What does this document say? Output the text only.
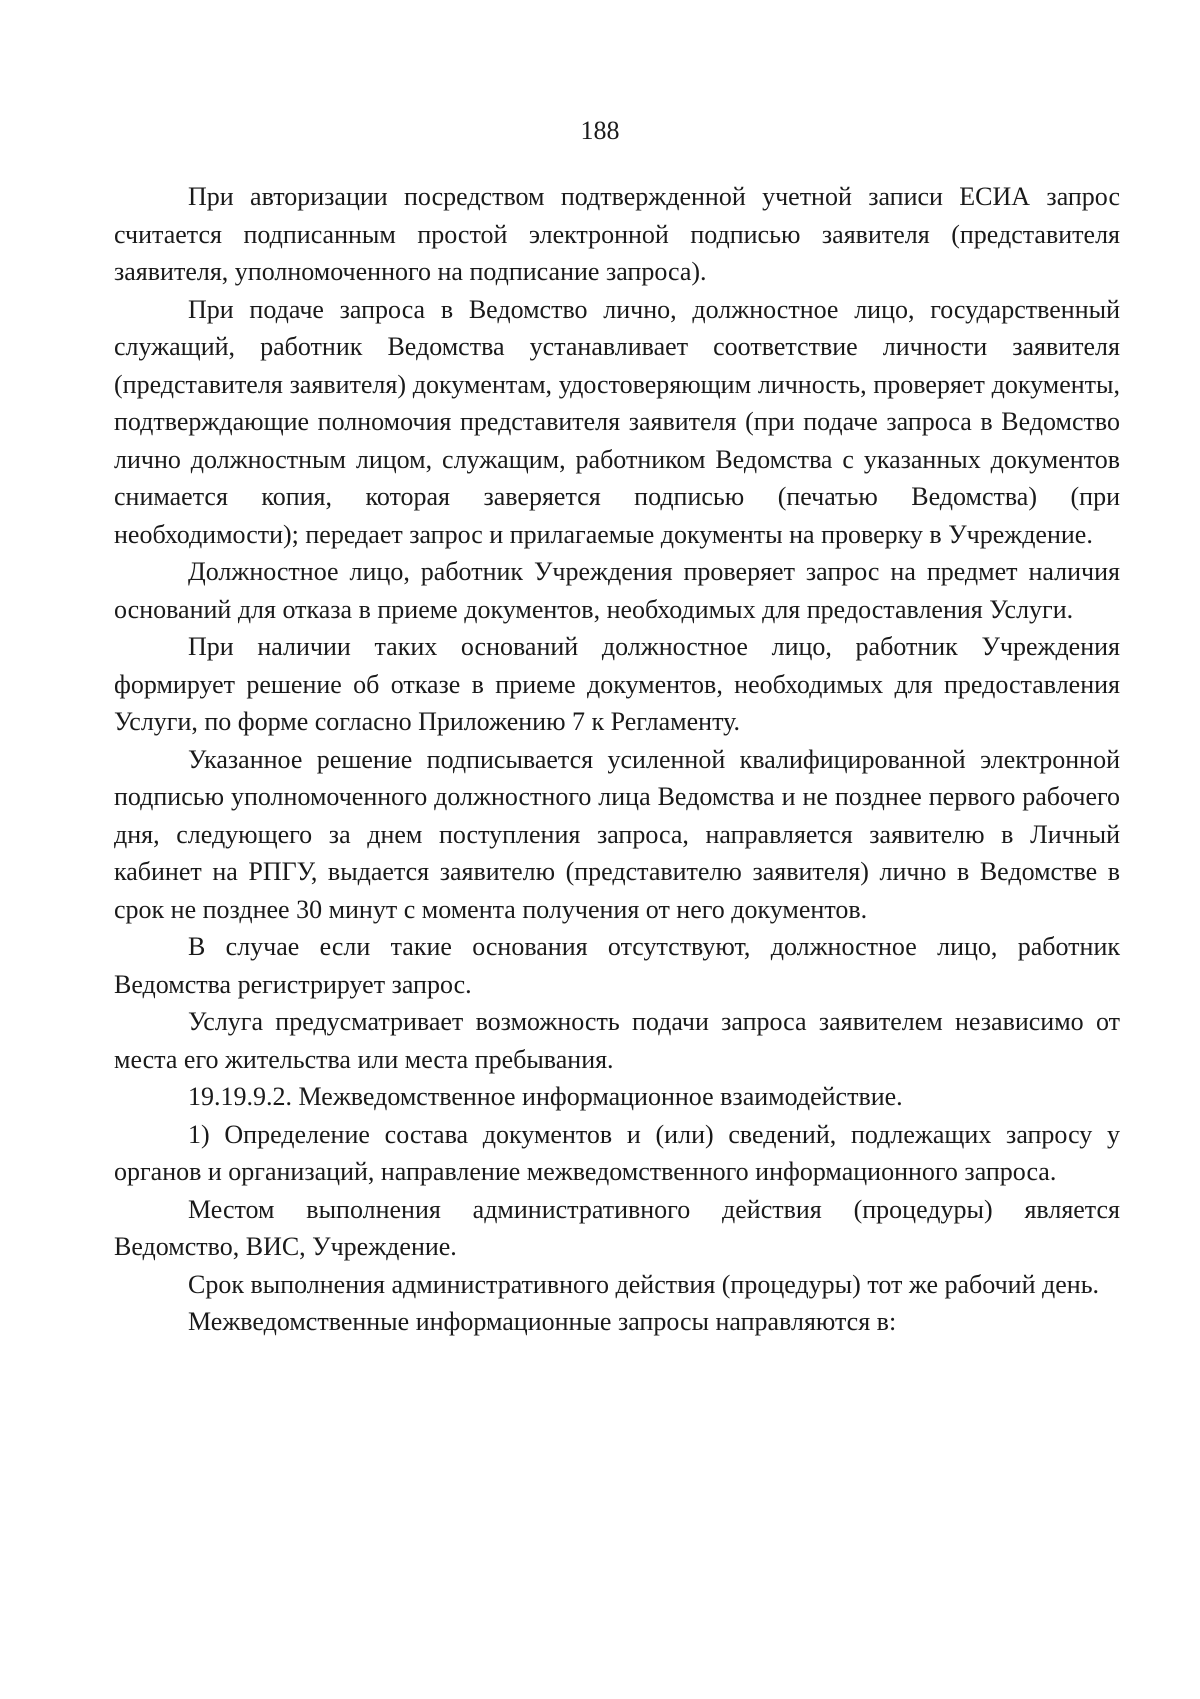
188

При авторизации посредством подтвержденной учетной записи ЕСИА запрос считается подписанным простой электронной подписью заявителя (представителя заявителя, уполномоченного на подписание запроса).

При подаче запроса в Ведомство лично, должностное лицо, государственный служащий, работник Ведомства устанавливает соответствие личности заявителя (представителя заявителя) документам, удостоверяющим личность, проверяет документы, подтверждающие полномочия представителя заявителя (при подаче запроса в Ведомство лично должностным лицом, служащим, работником Ведомства с указанных документов снимается копия, которая заверяется подписью (печатью Ведомства) (при необходимости); передает запрос и прилагаемые документы на проверку в Учреждение.

Должностное лицо, работник Учреждения проверяет запрос на предмет наличия оснований для отказа в приеме документов, необходимых для предоставления Услуги.

При наличии таких оснований должностное лицо, работник Учреждения формирует решение об отказе в приеме документов, необходимых для предоставления Услуги, по форме согласно Приложению 7 к Регламенту.

Указанное решение подписывается усиленной квалифицированной электронной подписью уполномоченного должностного лица Ведомства и не позднее первого рабочего дня, следующего за днем поступления запроса, направляется заявителю в Личный кабинет на РПГУ, выдается заявителю (представителю заявителя) лично в Ведомстве в срок не позднее 30 минут с момента получения от него документов.

В случае если такие основания отсутствуют, должностное лицо, работник Ведомства регистрирует запрос.

Услуга предусматривает возможность подачи запроса заявителем независимо от места его жительства или места пребывания.

19.19.9.2. Межведомственное информационное взаимодействие.

1) Определение состава документов и (или) сведений, подлежащих запросу у органов и организаций, направление межведомственного информационного запроса.

Местом выполнения административного действия (процедуры) является Ведомство, ВИС, Учреждение.

Срок выполнения административного действия (процедуры) тот же рабочий день.

Межведомственные информационные запросы направляются в:
